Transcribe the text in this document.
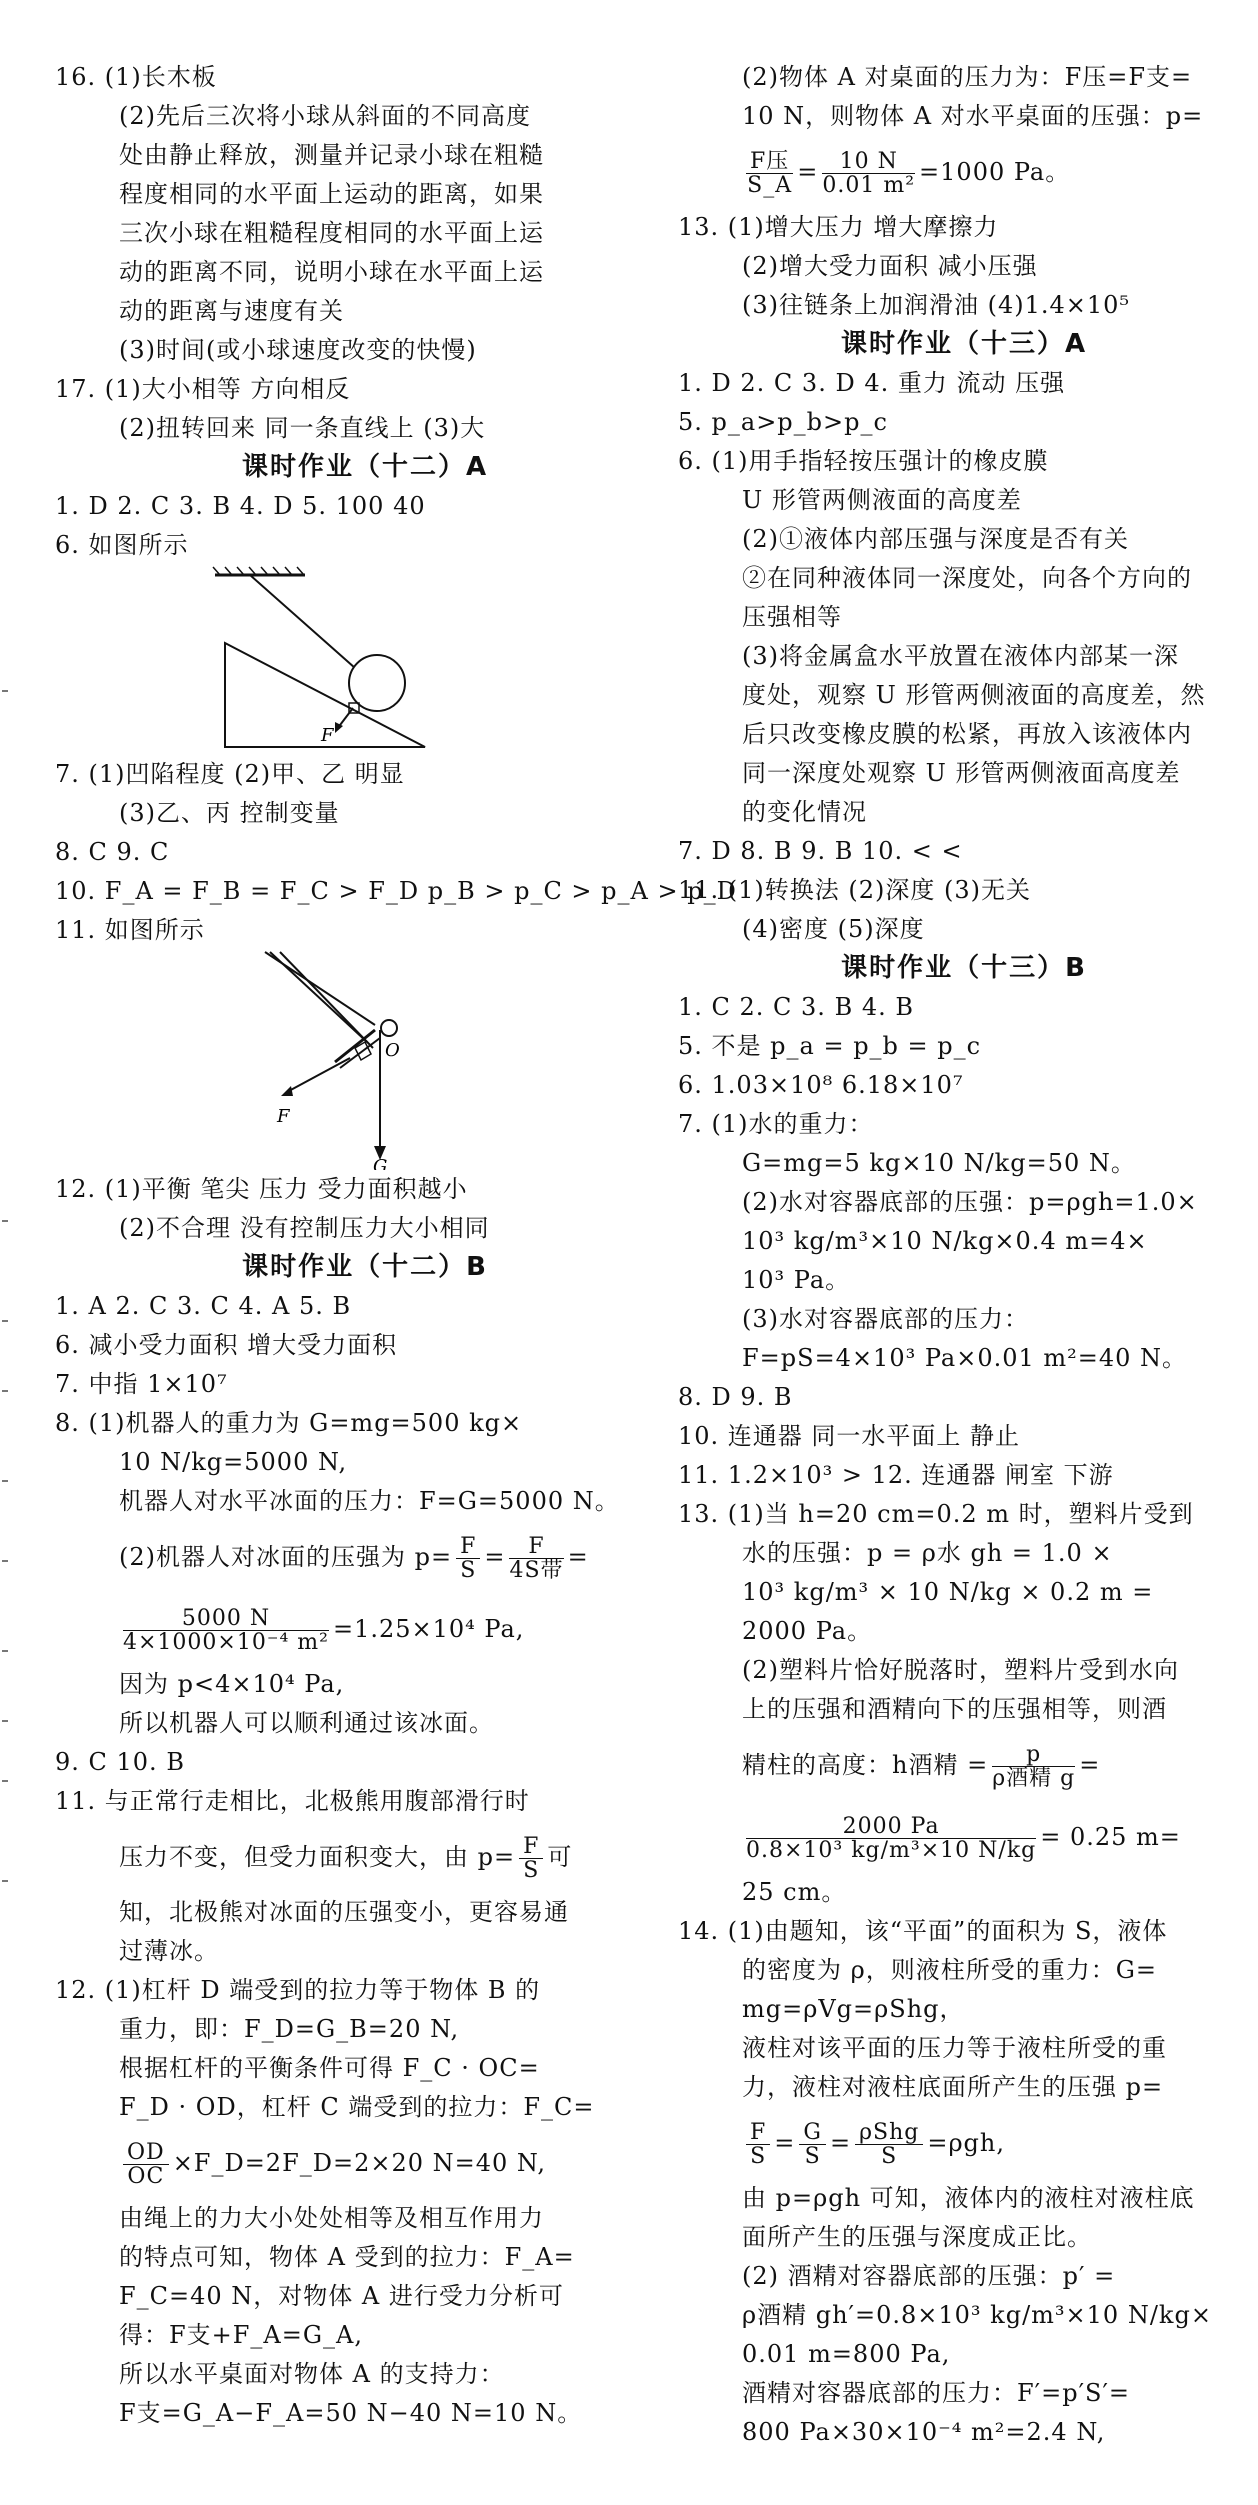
16. (1)长木板
(2)先后三次将小球从斜面的不同高度
处由静止释放，测量并记录小球在粗糙
程度相同的水平面上运动的距离，如果
三次小球在粗糙程度相同的水平面上运
动的距离不同，说明小球在水平面上运
动的距离与速度有关
(3)时间(或小球速度改变的快慢)
17. (1)大小相等 方向相反
(2)扭转回来 同一条直线上 (3)大
课时作业（十二）A
1. D 2. C 3. B 4. D 5. 100 40
6. 如图所示
F
7. (1)凹陷程度 (2)甲、乙 明显
(3)乙、丙 控制变量
8. C 9. C
10. F_A = F_B = F_C > F_D p_B > p_C > p_A > p_D
11. 如图所示
O
F
G
12. (1)平衡 笔尖 压力 受力面积越小
(2)不合理 没有控制压力大小相同
课时作业（十二）B
1. A 2. C 3. C 4. A 5. B
6. 减小受力面积 增大受力面积
7. 中指 1×10⁷
8. (1)机器人的重力为 G=mg=500 kg×
10 N/kg=5000 N,
机器人对水平冰面的压力：F=G=5000 N。
(2)机器人对冰面的压强为 $p= \frac{F}{S} = \frac{F}{\text{4S带}}$ =
$\frac{5000 N}{\text{4×1000×10⁻⁴ m²}} =1.25\times 10^4$ Pa,
因为 p<4×10⁴ Pa,
所以机器人可以顺利通过该冰面。
9. C 10. B
11. 与正常行走相比，北极熊用腹部滑行时
压力不变，但受力面积变大，由 $p= \frac{F}{S}$ 可
知，北极熊对冰面的压强变小，更容易通
过薄冰。
12. (1)杠杆 D 端受到的拉力等于物体 B 的
重力，即：F_D=G_B=20 N,
根据杠杆的平衡条件可得 F_C · OC=
F_D · OD，杠杆 C 端受到的拉力：F_C=
$\frac{OD}{OC}$ ×F_D=2F_D=2×20 N=40 N,
由绳上的力大小处处相等及相互作用力
的特点可知，物体 A 受到的拉力：F_A=
F_C=40 N，对物体 A 进行受力分析可
得：F支+F_A=G_A,
所以水平桌面对物体 A 的支持力：
F支=G_A−F_A=50 N−40 N=10 N。
(2)物体 A 对桌面的压力为：F压=F支=
10 N，则物体 A 对水平桌面的压强：p=
$\frac{\text{F压}}{S\_A} = \frac{10 N}{\text{0.01 m²}} =1000$ Pa。
13. (1)增大压力 增大摩擦力
(2)增大受力面积 减小压强
(3)往链条上加润滑油 (4)1.4×10⁵
课时作业（十三）A
1. D 2. C 3. D 4. 重力 流动 压强
5. p_a>p_b>p_c
6. (1)用手指轻按压强计的橡皮膜
U 形管两侧液面的高度差
(2)①液体内部压强与深度是否有关
②在同种液体同一深度处，向各个方向的
压强相等
(3)将金属盒水平放置在液体内部某一深
度处，观察 U 形管两侧液面的高度差，然
后只改变橡皮膜的松紧，再放入该液体内
同一深度处观察 U 形管两侧液面高度差
的变化情况
7. D 8. B 9. B 10. < <
11. (1)转换法 (2)深度 (3)无关
(4)密度 (5)深度
课时作业（十三）B
1. C 2. C 3. B 4. B
5. 不是 p_a = p_b = p_c
6. 1.03×10⁸ 6.18×10⁷
7. (1)水的重力：
G=mg=5 kg×10 N/kg=50 N。
(2)水对容器底部的压强：p=ρgh=1.0×
10³ kg/m³×10 N/kg×0.4 m=4×
10³ Pa。
(3)水对容器底部的压力：
F=pS=4×10³ Pa×0.01 m²=40 N。
8. D 9. B
10. 连通器 同一水平面上 静止
11. 1.2×10³ > 12. 连通器 闸室 下游
13. (1)当 h=20 cm=0.2 m 时，塑料片受到
水的压强：p = ρ水 gh = 1.0 ×
10³ kg/m³ × 10 N/kg × 0.2 m =
2000 Pa。
(2)塑料片恰好脱落时，塑料片受到水向
上的压强和酒精向下的压强相等，则酒
精柱的高度：h酒精 = $\frac{p}{\text{ρ酒精 g}}$ =
$\frac{2000 Pa}{\text{0.8×10³ kg/m³×10 N/kg}} = 0.25$ m=
25 cm。
14. (1)由题知，该“平面”的面积为 S，液体
的密度为 ρ，则液柱所受的重力：G=
mg=ρVg=ρShg，
液柱对该平面的压力等于液柱所受的重
力，液柱对液柱底面所产生的压强 p=
$\frac{F}{S} = \frac{G}{S} = \frac{\text{ρShg}}{S} =\rho gh$,
由 p=ρgh 可知，液体内的液柱对液柱底
面所产生的压强与深度成正比。
(2) 酒精对容器底部的压强：p′ =
ρ酒精 gh′=0.8×10³ kg/m³×10 N/kg×
0.01 m=800 Pa,
酒精对容器底部的压力：F′=p′S′=
800 Pa×30×10⁻⁴ m²=2.4 N,
